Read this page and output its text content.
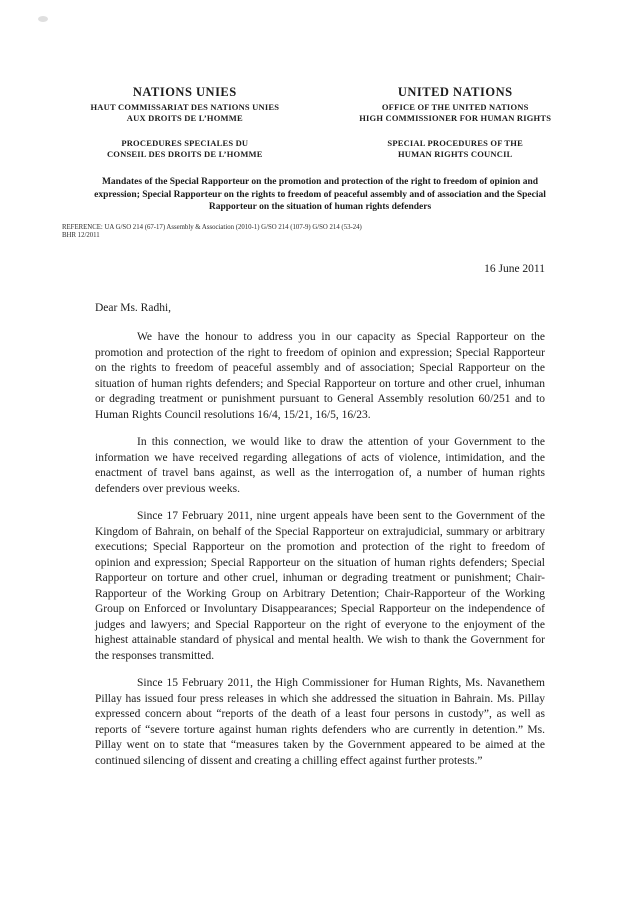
NATIONS UNIES
HAUT COMMISSARIAT DES NATIONS UNIES
AUX DROITS DE L’HOMME
PROCEDURES SPECIALES DU
CONSEIL DES DROITS DE L’HOMME
UNITED NATIONS
OFFICE OF THE UNITED NATIONS
HIGH COMMISSIONER FOR HUMAN RIGHTS
SPECIAL PROCEDURES OF THE
HUMAN RIGHTS COUNCIL
Mandates of the Special Rapporteur on the promotion and protection of the right to freedom of opinion and expression; Special Rapporteur on the rights to freedom of peaceful assembly and of association and the Special Rapporteur on the situation of human rights defenders
REFERENCE: UA G/SO 214 (67-17) Assembly & Association (2010-1) G/SO 214 (107-9) G/SO 214 (53-24)
BHR 12/2011
16 June 2011
Dear Ms. Radhi,

We have the honour to address you in our capacity as Special Rapporteur on the promotion and protection of the right to freedom of opinion and expression; Special Rapporteur on the rights to freedom of peaceful assembly and of association; Special Rapporteur on the situation of human rights defenders; and Special Rapporteur on torture and other cruel, inhuman or degrading treatment or punishment pursuant to General Assembly resolution 60/251 and to Human Rights Council resolutions 16/4, 15/21, 16/5, 16/23.

In this connection, we would like to draw the attention of your Government to the information we have received regarding allegations of acts of violence, intimidation, and the enactment of travel bans against, as well as the interrogation of, a number of human rights defenders over previous weeks.

Since 17 February 2011, nine urgent appeals have been sent to the Government of the Kingdom of Bahrain, on behalf of the Special Rapporteur on extrajudicial, summary or arbitrary executions; Special Rapporteur on the promotion and protection of the right to freedom of opinion and expression; Special Rapporteur on the situation of human rights defenders; Special Rapporteur on torture and other cruel, inhuman or degrading treatment or punishment; Chair-Rapporteur of the Working Group on Arbitrary Detention; Chair-Rapporteur of the Working Group on Enforced or Involuntary Disappearances; Special Rapporteur on the independence of judges and lawyers; and Special Rapporteur on the right of everyone to the enjoyment of the highest attainable standard of physical and mental health. We wish to thank the Government for the responses transmitted.

Since 15 February 2011, the High Commissioner for Human Rights, Ms. Navanethem Pillay has issued four press releases in which she addressed the situation in Bahrain. Ms. Pillay expressed concern about “reports of the death of a least four persons in custody”, as well as reports of “severe torture against human rights defenders who are currently in detention.” Ms. Pillay went on to state that “measures taken by the Government appeared to be aimed at the continued silencing of dissent and creating a chilling effect against further protests.”
